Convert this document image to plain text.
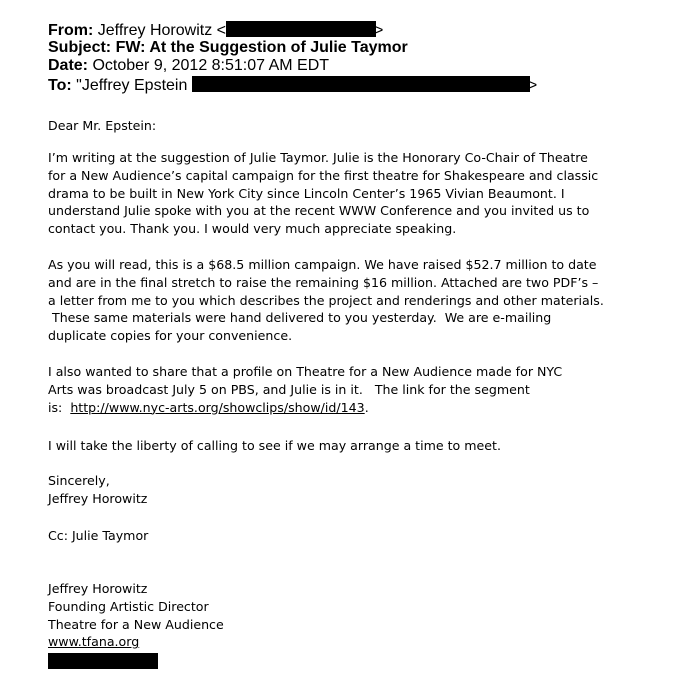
From: Jeffrey Horowitz <	>
Subject: FW: At the Suggestion of Julie Taymor
Date: October 9, 2012 8:51:07 AM EDT
To: "Jeffrey Epstein	>
Dear Mr. Epstein:
I’m writing at the suggestion of Julie Taymor. Julie is the Honorary Co-Chair of Theatre
for a New Audience’s capital campaign for the first theatre for Shakespeare and classic
drama to be built in New York City since Lincoln Center’s 1965 Vivian Beaumont. I
understand Julie spoke with you at the recent WWW Conference and you invited us to
contact you. Thank you. I would very much appreciate speaking.
As you will read, this is a $68.5 million campaign. We have raised $52.7 million to date
and are in the final stretch to raise the remaining $16 million. Attached are two PDF’s –
a letter from me to you which describes the project and renderings and other materials.
These same materials were hand delivered to you yesterday.  We are e-mailing
duplicate copies for your convenience.
I also wanted to share that a profile on Theatre for a New Audience made for NYC
Arts was broadcast July 5 on PBS, and Julie is in it.   The link for the segment
is:  http://www.nyc-arts.org/showclips/show/id/143.
I will take the liberty of calling to see if we may arrange a time to meet.
Sincerely,
Jeffrey Horowitz
Cc: Julie Taymor
Jeffrey Horowitz
Founding Artistic Director
Theatre for a New Audience
www.tfana.org
